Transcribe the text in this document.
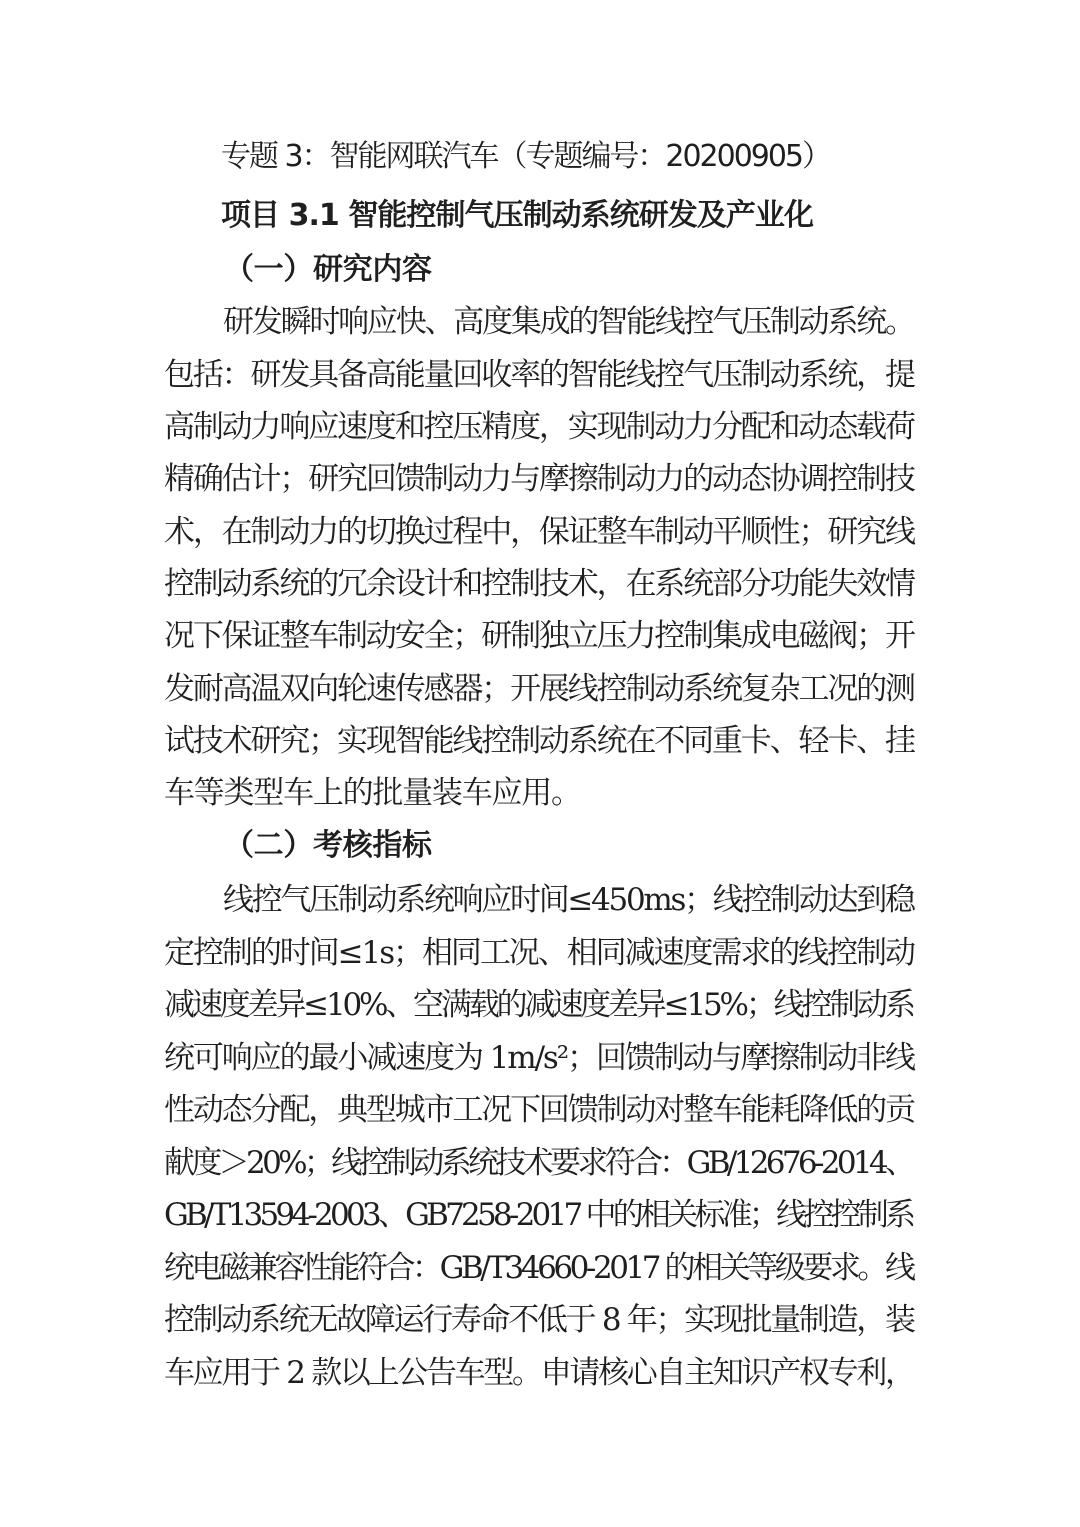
专题 3：智能网联汽车（专题编号：20200905）
项目 3.1 智能控制气压制动系统研发及产业化
（一）研究内容
研发瞬时响应快、高度集成的智能线控气压制动系统。
包括：研发具备高能量回收率的智能线控气压制动系统，提
高制动力响应速度和控压精度，实现制动力分配和动态载荷
精确估计；研究回馈制动力与摩擦制动力的动态协调控制技
术，在制动力的切换过程中，保证整车制动平顺性；研究线
控制动系统的冗余设计和控制技术，在系统部分功能失效情
况下保证整车制动安全；研制独立压力控制集成电磁阀；开
发耐高温双向轮速传感器；开展线控制动系统复杂工况的测
试技术研究；实现智能线控制动系统在不同重卡、轻卡、挂
车等类型车上的批量装车应用。
（二）考核指标
线控气压制动系统响应时间≤450ms；线控制动达到稳
定控制的时间≤1s；相同工况、相同减速度需求的线控制动
减速度差异≤10%、空满载的减速度差异≤15%；线控制动系
统可响应的最小减速度为 1m/s²；回馈制动与摩擦制动非线
性动态分配，典型城市工况下回馈制动对整车能耗降低的贡
献度＞20%；线控制动系统技术要求符合：GB/12676-2014、
GB/T13594-2003、GB7258-2017 中的相关标准；线控控制系
统电磁兼容性能符合：GB/T34660-2017 的相关等级要求。线
控制动系统无故障运行寿命不低于 8 年；实现批量制造，装
车应用于 2 款以上公告车型。申请核心自主知识产权专利，
